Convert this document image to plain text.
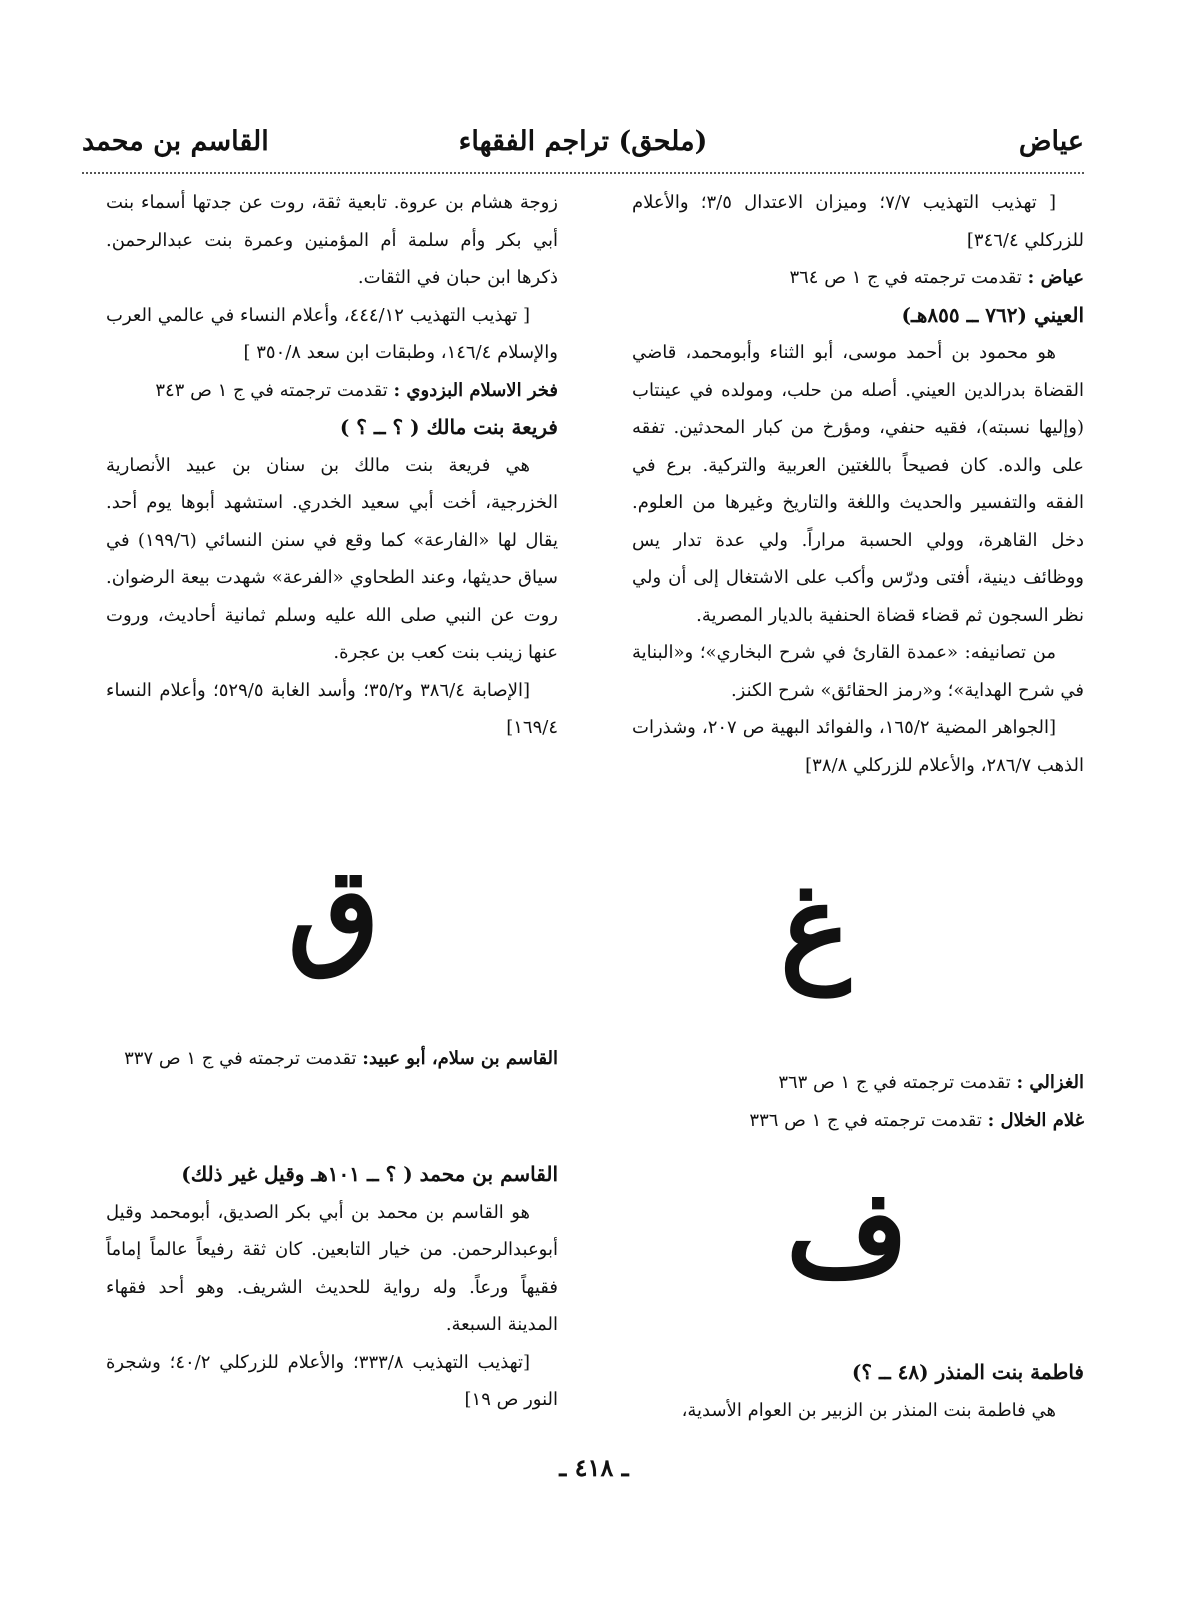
عياض
(ملحق) تراجم الفقهاء
القاسم بن محمد

[ تهذيب التهذيب ٧/٧؛ وميزان الاعتدال ٣/٥؛ والأعلام للزركلي ٣٤٦/٤]

عياض : تقدمت ترجمته في ج ١ ص ٣٦٤

العيني (٧٦٢ ــ ٨٥٥هـ)

هو محمود بن أحمد موسى، أبو الثناء وأبومحمد، قاضي القضاة بدرالدين العيني. أصله من حلب، ومولده في عينتاب (وإليها نسبته)، فقيه حنفي، ومؤرخ من كبار المحدثين. تفقه على والده. كان فصيحاً باللغتين العربية والتركية. برع في الفقه والتفسير والحديث واللغة والتاريخ وغيرها من العلوم. دخل القاهرة، وولي الحسبة مراراً. ولي عدة تدار يس ووظائف دينية، أفتى ودرّس وأكب على الاشتغال إلى أن ولي نظر السجون ثم قضاء قضاة الحنفية بالديار المصرية.

من تصانيفه: «عمدة القارئ في شرح البخاري»؛ و«البناية في شرح الهداية»؛ و«رمز الحقائق» شرح الكنز.

[الجواهر المضية ١٦٥/٢، والفوائد البهية ص ٢٠٧، وشذرات الذهب ٢٨٦/٧، والأعلام للزركلي ٣٨/٨]

زوجة هشام بن عروة. تابعية ثقة، روت عن جدتها أسماء بنت أبي بكر وأم سلمة أم المؤمنين وعمرة بنت عبدالرحمن. ذكرها ابن حبان في الثقات.

[ تهذيب التهذيب ٤٤٤/١٢، وأعلام النساء في عالمي العرب والإسلام ١٤٦/٤، وطبقات ابن سعد ٣٥٠/٨ ]

فخر الاسلام البزدوي : تقدمت ترجمته في ج ١ ص ٣٤٣

فريعة بنت مالك ( ؟ ــ ؟ )

هي فريعة بنت مالك بن سنان بن عبيد الأنصارية الخزرجية، أخت أبي سعيد الخدري. استشهد أبوها يوم أحد. يقال لها «الفارعة» كما وقع في سنن النسائي (١٩٩/٦) في سياق حديثها، وعند الطحاوي «الفرعة» شهدت بيعة الرضوان. روت عن النبي صلى الله عليه وسلم ثمانية أحاديث، وروت عنها زينب بنت كعب بن عجرة.

[الإصابة ٣٨٦/٤ و٣٥/٢؛ وأسد الغابة ٥٢٩/٥؛ وأعلام النساء ١٦٩/٤]

ق	غ
ف

القاسم بن سلام، أبو عبيد: تقدمت ترجمته في ج ١ ص ٣٣٧

القاسم بن محمد ( ؟ ــ ١٠١هـ وقيل غير ذلك)

هو القاسم بن محمد بن أبي بكر الصديق، أبومحمد وقيل أبوعبدالرحمن. من خيار التابعين. كان ثقة رفيعاً عالماً إماماً فقيهاً ورعاً. وله رواية للحديث الشريف. وهو أحد فقهاء المدينة السبعة.

[تهذيب التهذيب ٣٣٣/٨؛ والأعلام للزركلي ٤٠/٢؛ وشجرة النور ص ١٩]

الغزالي : تقدمت ترجمته في ج ١ ص ٣٦٣

غلام الخلال : تقدمت ترجمته في ج ١ ص ٣٣٦

فاطمة بنت المنذر (٤٨ ــ ؟)

هي فاطمة بنت المنذر بن الزبير بن العوام الأسدية،

ـ ٤١٨ ـ
